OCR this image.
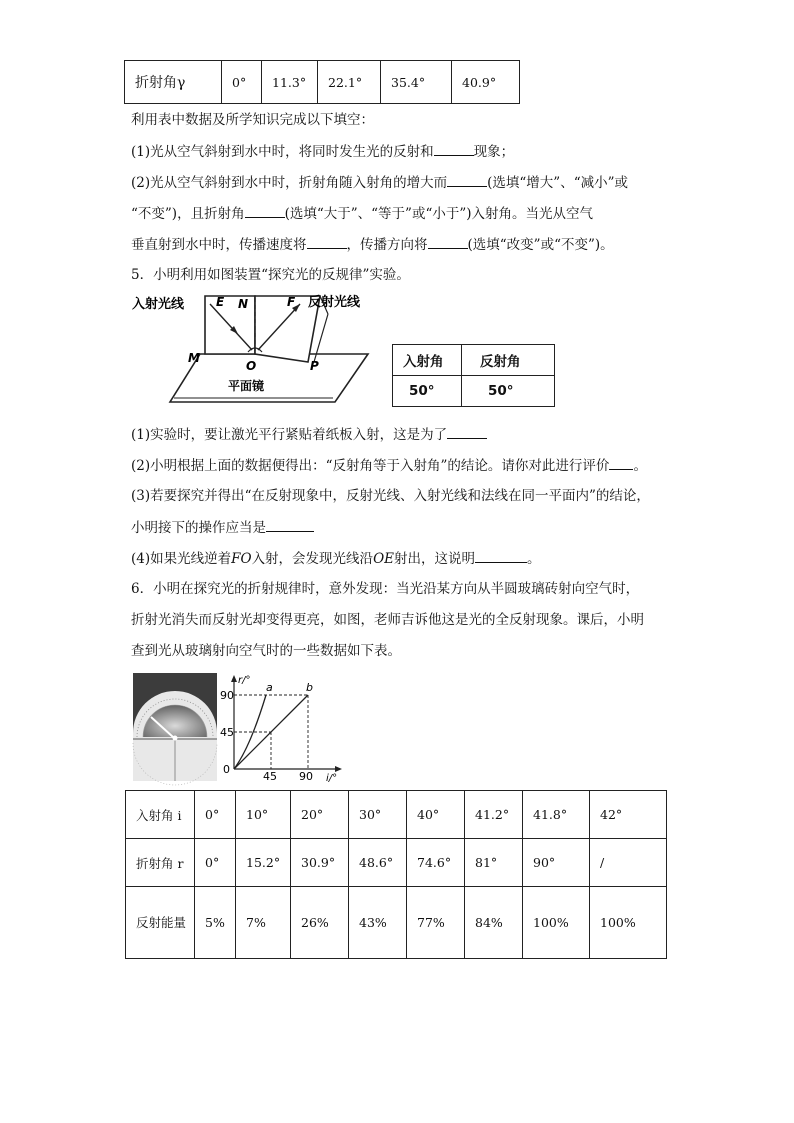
折射角γ	0°	11.3°	22.1°	35.4°	40.9°
利用表中数据及所学知识完成以下填空：
(1)光从空气斜射到水中时，将同时发生光的反射和	现象；
(2)光从空气斜射到水中时，折射角随入射角的增大而	(选填“增大”、“减小”或
“不变”)，且折射角	(选填“大于”、“等于”或“小于”)入射角。当光从空气
垂直射到水中时，传播速度将	，传播方向将	(选填“改变”或“不变”)。
5．小明利用如图装置“探究光的反规律”实验。
入射光线	E N	F 反射光线
M
O	P
平面镜
入射角	反射角
50°	50°
(1)实验时，要让激光平行紧贴着纸板入射，这是为了
(2)小明根据上面的数据便得出：“反射角等于入射角”的结论。请你对此进行评价 。
(3)若要探究并得出“在反射现象中，反射光线、入射光线和法线在同一平面内”的结论，
小明接下的操作应当是
(4)如果光线逆着FO入射，会发现光线沿OE射出，这说明	。
6．小明在探究光的折射规律时，意外发现：当光沿某方向从半圆玻璃砖射向空气时，
折射光消失而反射光却变得更亮，如图，老师吉诉他这是光的全反射现象。课后，小明
查到光从玻璃射向空气时的一些数据如下表。
r/°
i/°
0
90
45
45 90
a	b
入射角 i	0°	10°	20°	30°	40°	41.2°	41.8°	42°
折射角 r	0°	15.2°	30.9°	48.6°	74.6°	81°	90°	/
反射能量	5%	7%	26%	43%	77%	84%	100%	100%
